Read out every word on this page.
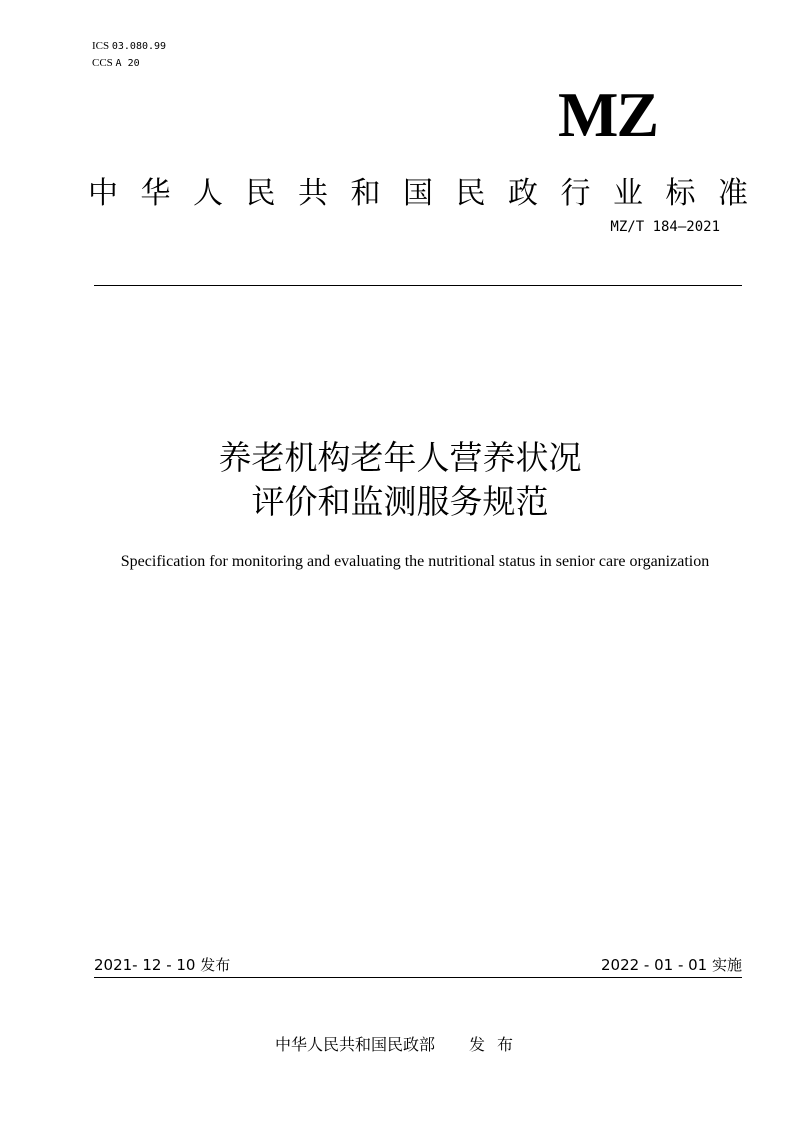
ICS 03.080.99
CCS A 20
MZ
中华人民共和国民政行业标准
MZ/T 184—2021
养老机构老年人营养状况
评价和监测服务规范
Specification for monitoring and evaluating the nutritional status in senior care organization
2021- 12 - 10 发布	2022 - 01 - 01 实施
中华人民共和国民政部 发布
